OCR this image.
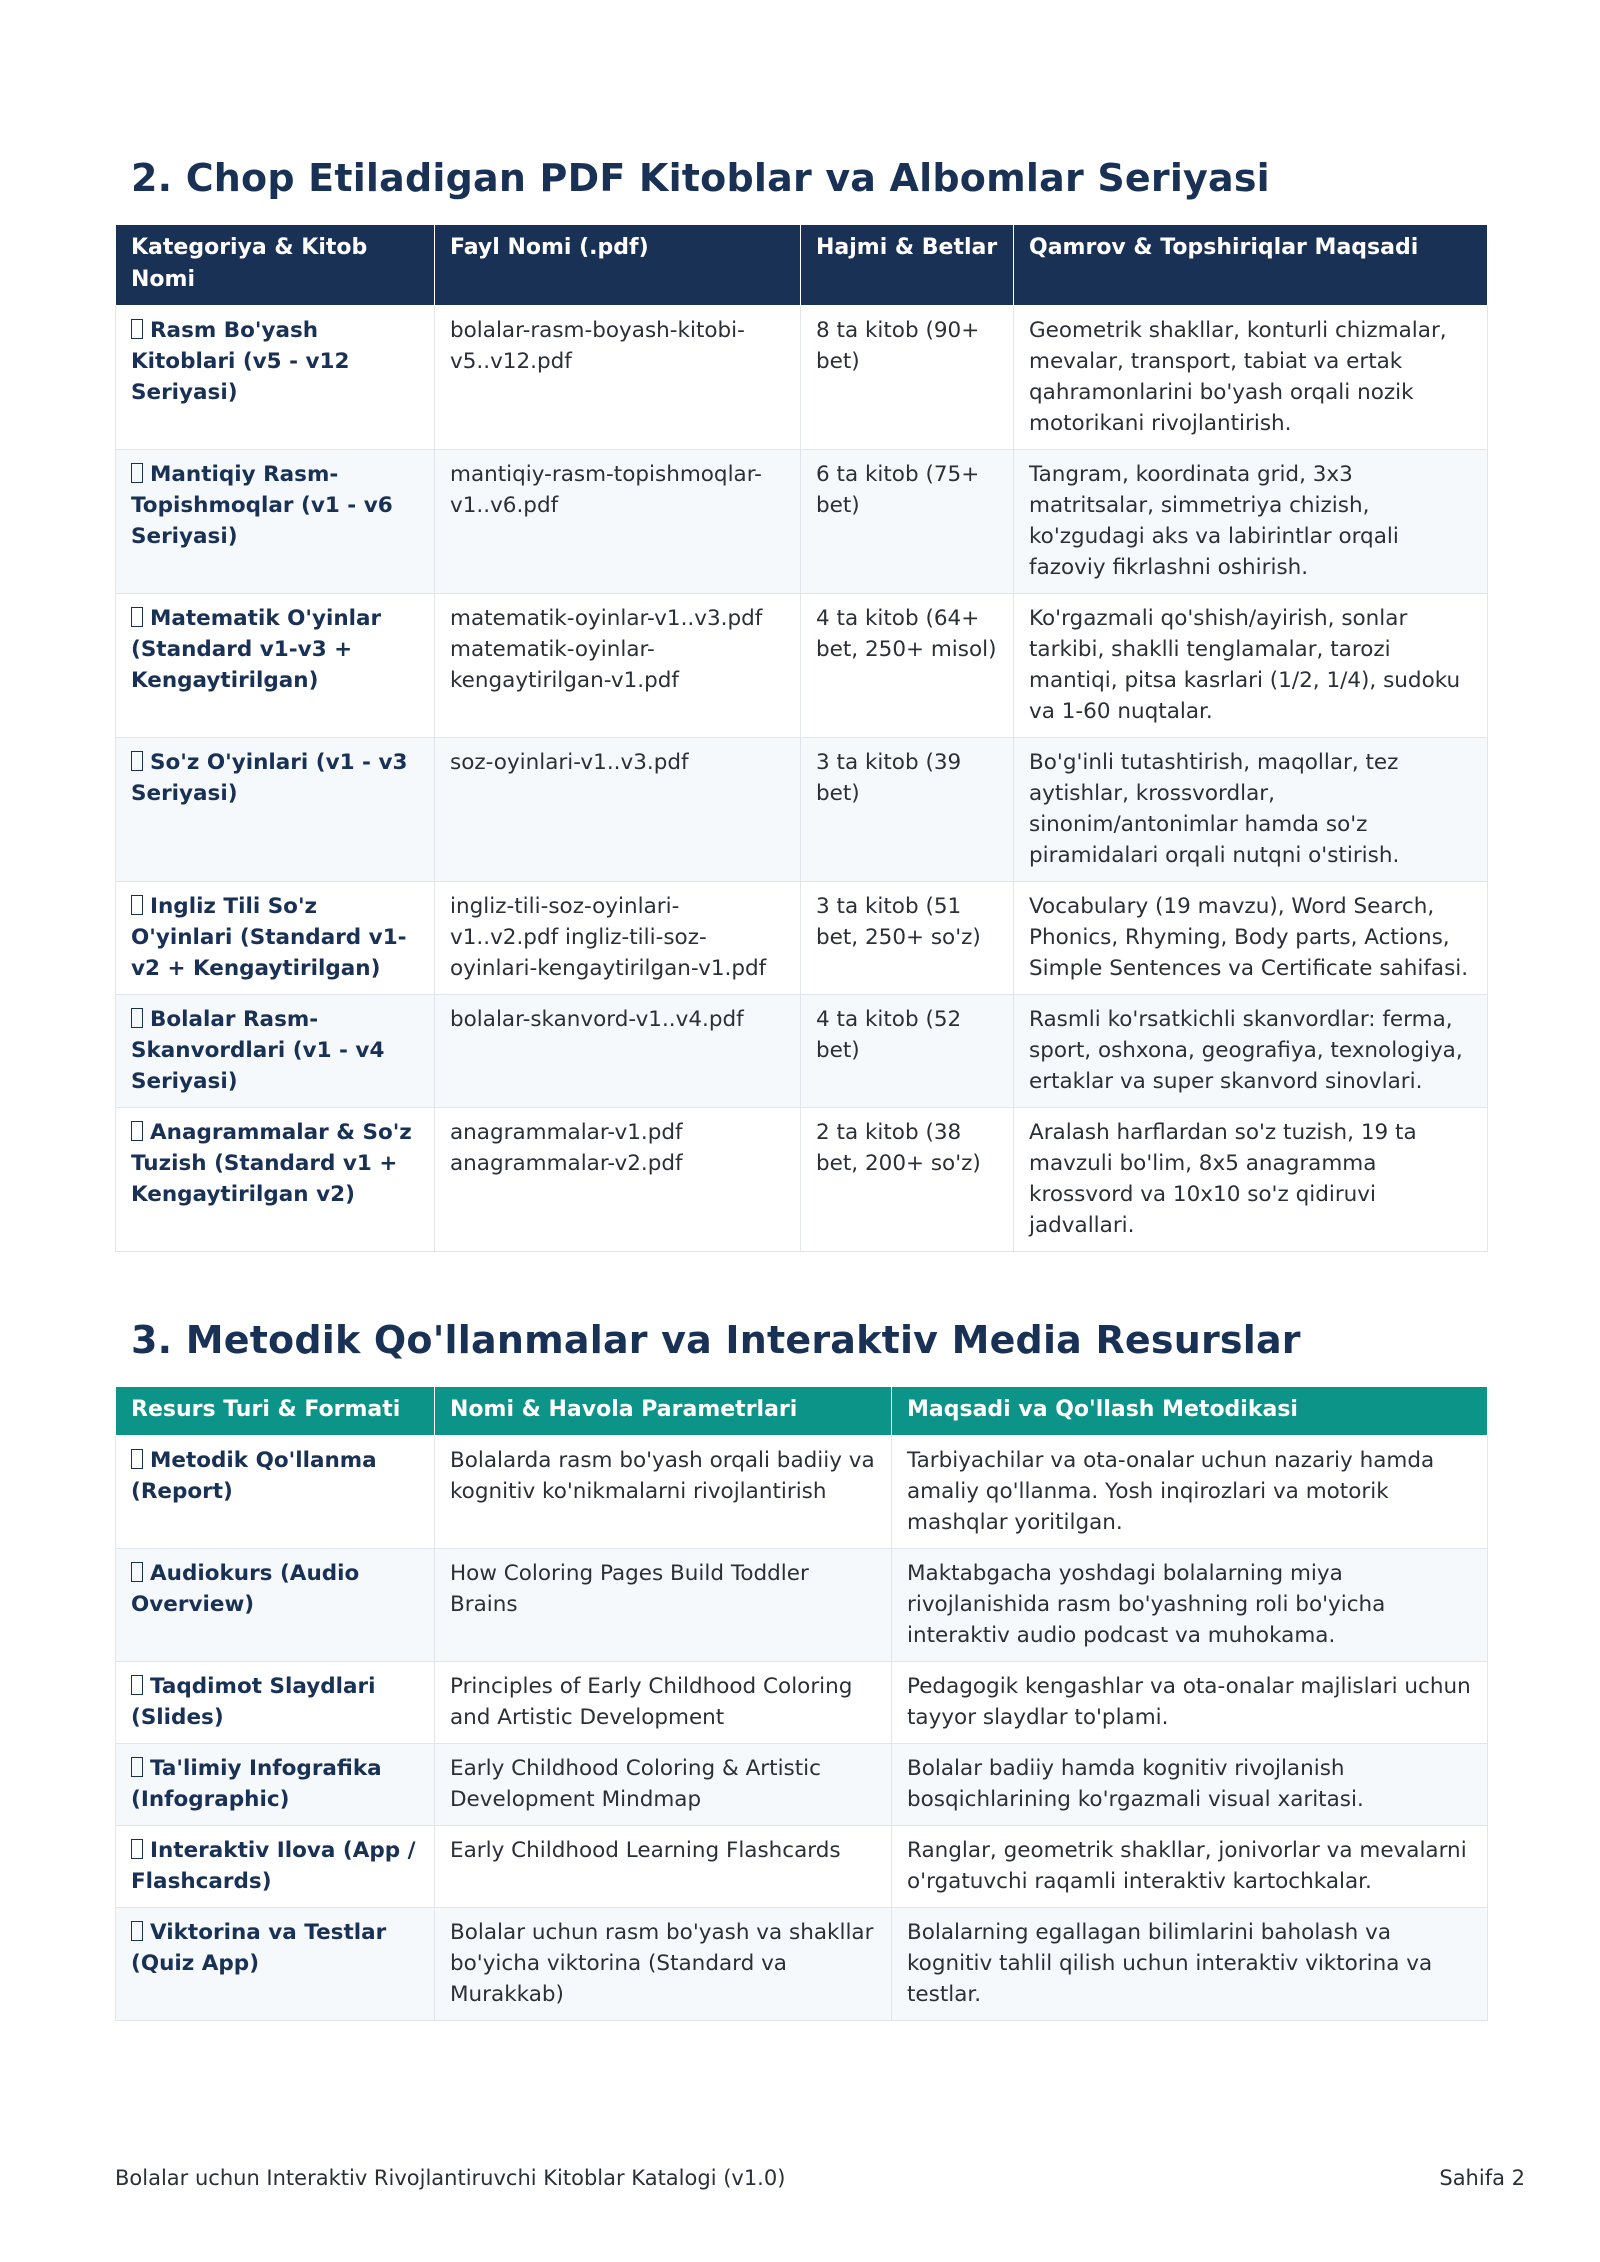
2. Chop Etiladigan PDF Kitoblar va Albomlar Seriyasi
Kategoriya & Kitob Nomi	Fayl Nomi (.pdf)	Hajmi & Betlar	Qamrov & Topshiriqlar Maqsadi
Rasm Bo'yash Kitoblari (v5 - v12 Seriyasi)	bolalar-rasm-boyash-kitobi-v5..v12.pdf	8 ta kitob (90+ bet)	Geometrik shakllar, konturli chizmalar, mevalar, transport, tabiat va ertak qahramonlarini bo'yash orqali nozik motorikani rivojlantirish.
Mantiqiy Rasm-Topishmoqlar (v1 - v6 Seriyasi)	mantiqiy-rasm-topishmoqlar-v1..v6.pdf	6 ta kitob (75+ bet)	Tangram, koordinata grid, 3x3 matritsalar, simmetriya chizish, ko'zgudagi aks va labirintlar orqali fazoviy fikrlashni oshirish.
Matematik O'yinlar (Standard v1-v3 + Kengaytirilgan)	matematik-oyinlar-v1..v3.pdf matematik-oyinlar-kengaytirilgan-v1.pdf	4 ta kitob (64+ bet, 250+ misol)	Ko'rgazmali qo'shish/ayirish, sonlar tarkibi, shaklli tenglamalar, tarozi mantiqi, pitsa kasrlari (1/2, 1/4), sudoku va 1-60 nuqtalar.
So'z O'yinlari (v1 - v3 Seriyasi)	soz-oyinlari-v1..v3.pdf	3 ta kitob (39 bet)	Bo'g'inli tutashtirish, maqollar, tez aytishlar, krossvordlar, sinonim/antonimlar hamda so'z piramidalari orqali nutqni o'stirish.
Ingliz Tili So'z O'yinlari (Standard v1-v2 + Kengaytirilgan)	ingliz-tili-soz-oyinlari-v1..v2.pdf ingliz-tili-soz-oyinlari-kengaytirilgan-v1.pdf	3 ta kitob (51 bet, 250+ so'z)	Vocabulary (19 mavzu), Word Search, Phonics, Rhyming, Body parts, Actions, Simple Sentences va Certificate sahifasi.
Bolalar Rasm-Skanvordlari (v1 - v4 Seriyasi)	bolalar-skanvord-v1..v4.pdf	4 ta kitob (52 bet)	Rasmli ko'rsatkichli skanvordlar: ferma, sport, oshxona, geografiya, texnologiya, ertaklar va super skanvord sinovlari.
Anagrammalar & So'z Tuzish (Standard v1 + Kengaytirilgan v2)	anagrammalar-v1.pdf anagrammalar-v2.pdf	2 ta kitob (38 bet, 200+ so'z)	Aralash harflardan so'z tuzish, 19 ta mavzuli bo'lim, 8x5 anagramma krossvord va 10x10 so'z qidiruvi jadvallari.
3. Metodik Qo'llanmalar va Interaktiv Media Resurslar
Resurs Turi & Formati	Nomi & Havola Parametrlari	Maqsadi va Qo'llash Metodikasi
Metodik Qo'llanma (Report)	Bolalarda rasm bo'yash orqali badiiy va kognitiv ko'nikmalarni rivojlantirish	Tarbiyachilar va ota-onalar uchun nazariy hamda amaliy qo'llanma. Yosh inqirozlari va motorik mashqlar yoritilgan.
Audiokurs (Audio Overview)	How Coloring Pages Build Toddler Brains	Maktabgacha yoshdagi bolalarning miya rivojlanishida rasm bo'yashning roli bo'yicha interaktiv audio podcast va muhokama.
Taqdimot Slaydlari (Slides)	Principles of Early Childhood Coloring and Artistic Development	Pedagogik kengashlar va ota-onalar majlislari uchun tayyor slaydlar to'plami.
Ta'limiy Infografika (Infographic)	Early Childhood Coloring & Artistic Development Mindmap	Bolalar badiiy hamda kognitiv rivojlanish bosqichlarining ko'rgazmali visual xaritasi.
Interaktiv Ilova (App / Flashcards)	Early Childhood Learning Flashcards	Ranglar, geometrik shakllar, jonivorlar va mevalarni o'rgatuvchi raqamli interaktiv kartochkalar.
Viktorina va Testlar (Quiz App)	Bolalar uchun rasm bo'yash va shakllar bo'yicha viktorina (Standard va Murakkab)	Bolalarning egallagan bilimlarini baholash va kognitiv tahlil qilish uchun interaktiv viktorina va testlar.
Bolalar uchun Interaktiv Rivojlantiruvchi Kitoblar Katalogi (v1.0)	Sahifa 2
